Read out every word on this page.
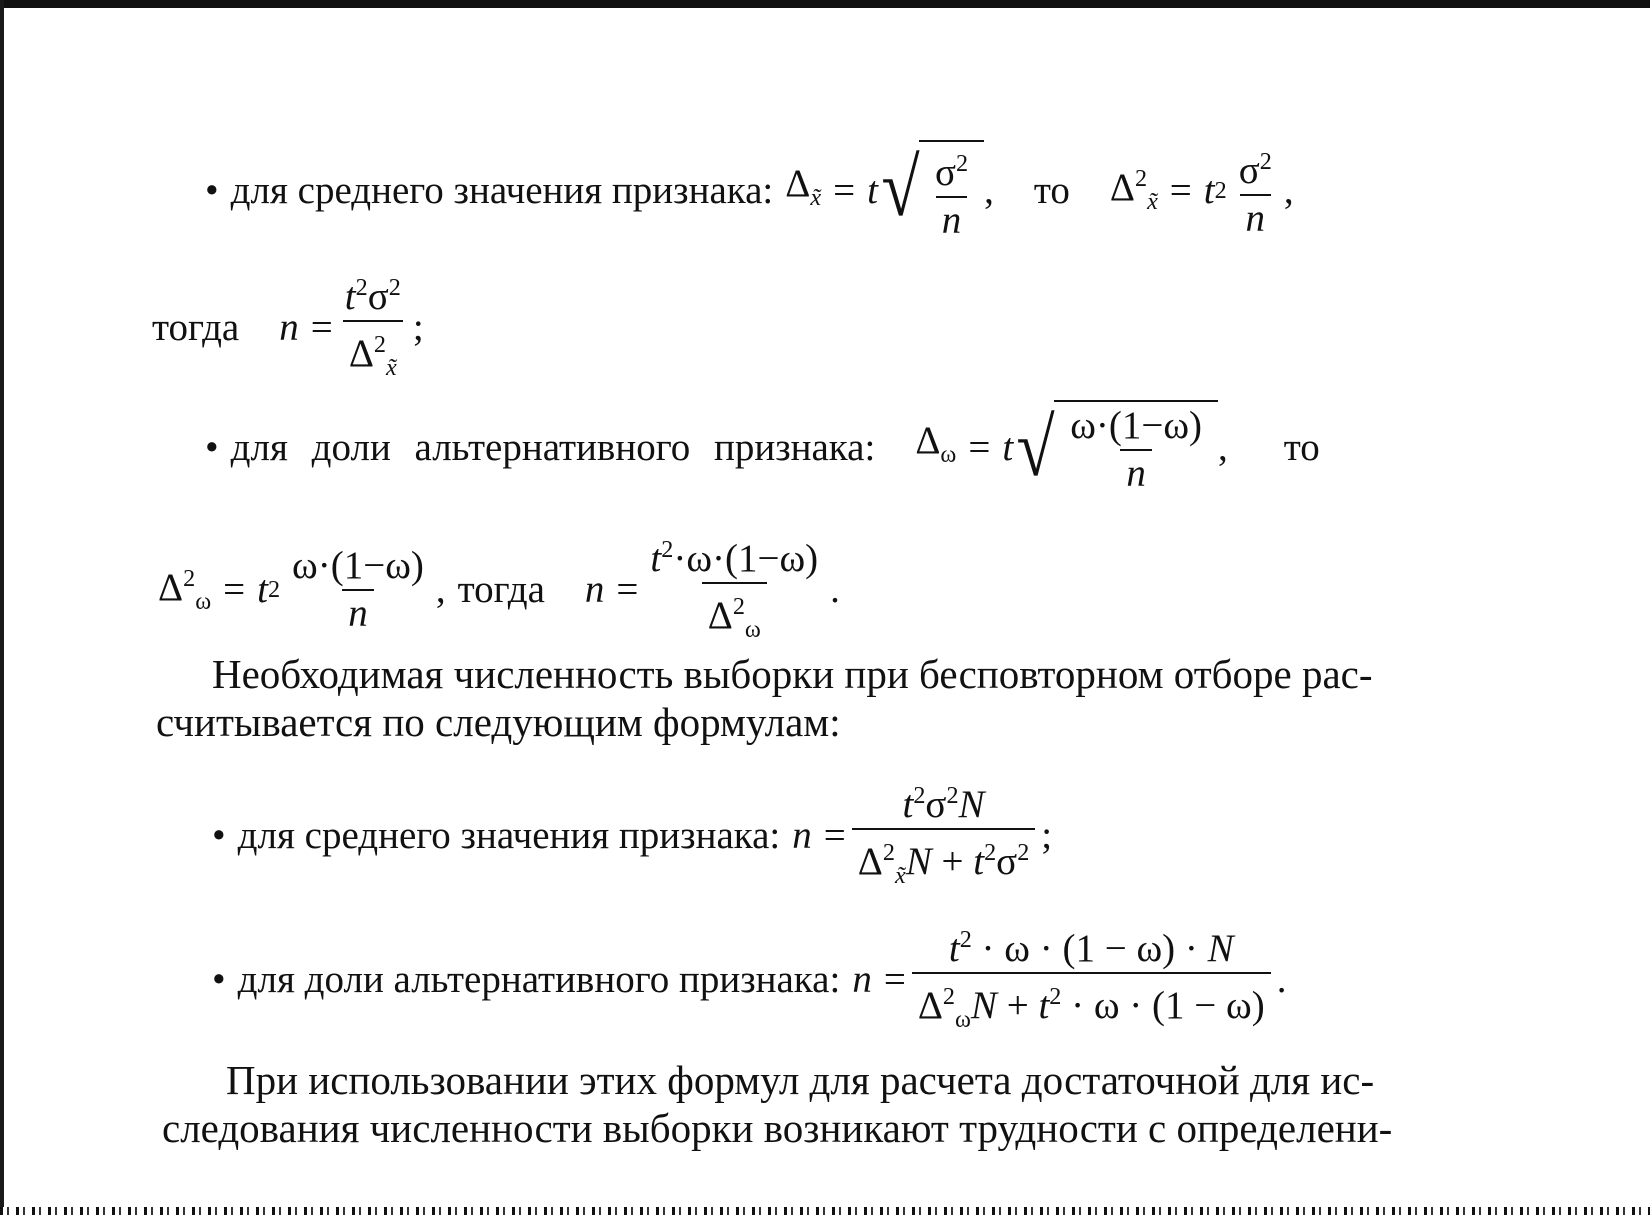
• для среднего значения признака: $\Delta_{x̃} = t$ √ $\frac{\sigma^2}{n}$ , то $\Delta^2_{x̃} = t$ $2 \frac{\sigma^2}{n}$ ,
тогда $n = \frac{t^2\sigma^2}{\Delta^2_{x̃}}$ ;
• для доли альтернативного признака: $\Delta_\omega = t$ √ $\frac{\omega\cdot(1-\omega)}{n}$ , то
$\Delta^2_\omega = t$ $2 \frac{\omega\cdot(1-\omega)}{n}$ , тогда $n = \frac{t^2\cdot\omega\cdot(1-\omega)}{\Delta^2_\omega}$ .
Необходимая численность выборки при бесповторном отборе рас-
считывается по следующим формулам:
• для среднего значения признака: $n = \frac{t^2\sigma^2N}{\Delta^2_{x̃}N + t^2\sigma^2}$ ;
• для доли альтернативного признака: $n = \frac{t^2 \cdot \omega \cdot (1 - \omega) \cdot N}{\Delta^2_\omega N + t^2 \cdot \omega \cdot (1 - \omega)}$ .
При использовании этих формул для расчета достаточной для ис-
следования численности выборки возникают трудности с определени-
